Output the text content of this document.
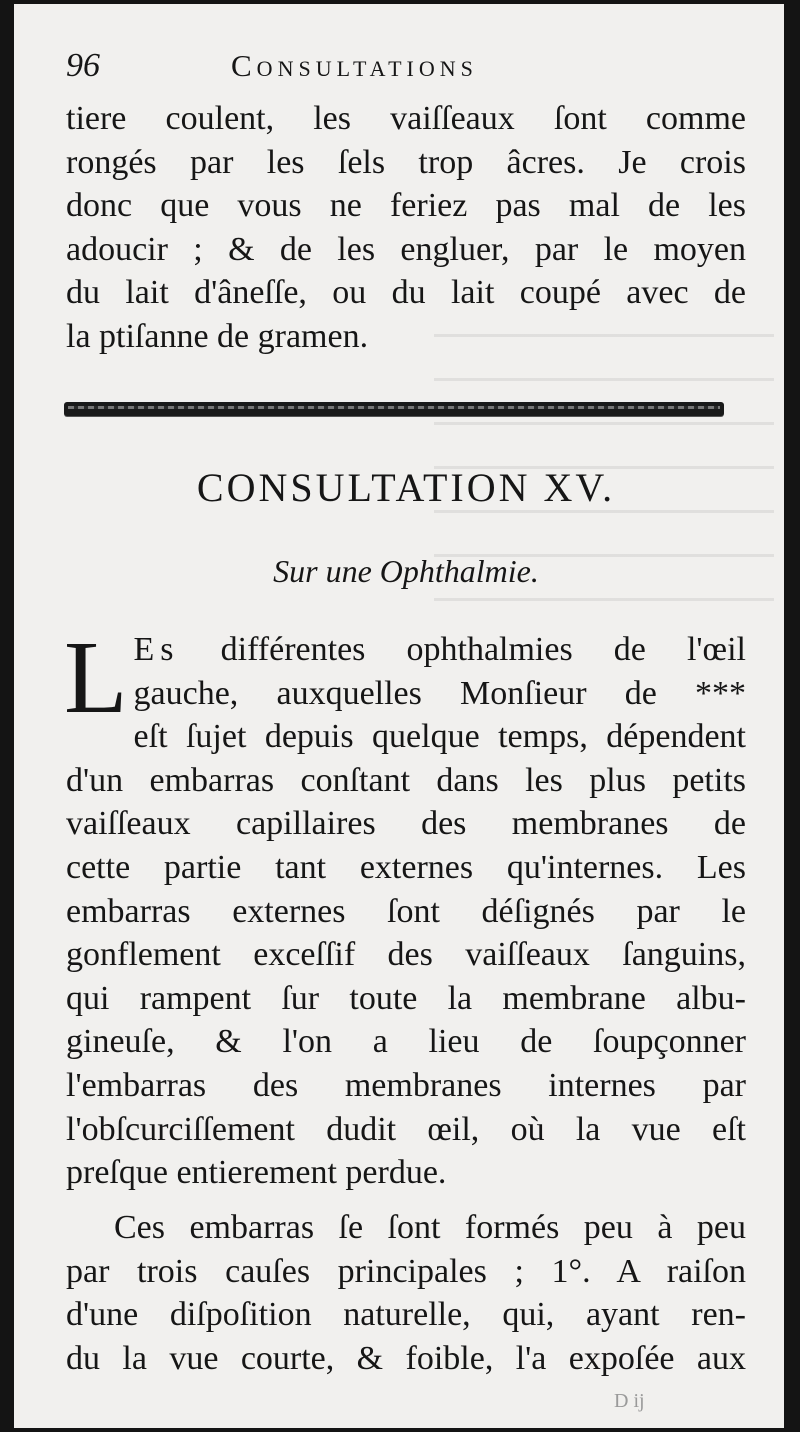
96	Consultations

tiere coulent, les vaiſſeaux ſont comme
rongés par les ſels trop âcres. Je crois
donc que vous ne feriez pas mal de les
adoucir ; & de les engluer, par le moyen
du lait d'âneſſe, ou du lait coupé avec de
la ptiſanne de gramen.

CONSULTATION XV.
Sur une Ophthalmie.
L Es différentes ophthalmies de l'œil
gauche, auxquelles Monſieur de ***
eſt ſujet depuis quelque temps, dépendent
d'un embarras conſtant dans les plus petits
vaiſſeaux capillaires des membranes de
cette partie tant externes qu'internes. Les
embarras externes ſont déſignés par le
gonflement exceſſif des vaiſſeaux ſanguins,
qui rampent ſur toute la membrane albu-
gineuſe, & l'on a lieu de ſoupçonner
l'embarras des membranes internes par
l'obſcurciſſement dudit œil, où la vue eſt
preſque entierement perdue.
Ces embarras ſe ſont formés peu à peu
par trois cauſes principales ; 1°. A raiſon
d'une diſpoſition naturelle, qui, ayant ren-
du la vue courte, & foible, l'a expoſée aux
D ij
